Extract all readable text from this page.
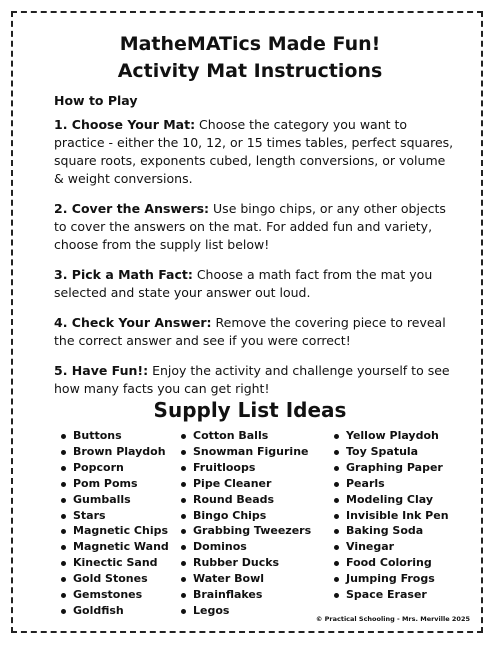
MatheMATics Made Fun!
Activity Mat Instructions

How to Play

1. Choose Your Mat: Choose the category you want to practice - either the 10, 12, or 15 times tables, perfect squares, square roots, exponents cubed, length conversions, or volume & weight conversions.

2. Cover the Answers: Use bingo chips, or any other objects to cover the answers on the mat. For added fun and variety, choose from the supply list below!

3. Pick a Math Fact: Choose a math fact from the mat you selected and state your answer out loud.

4. Check Your Answer: Remove the covering piece to reveal the correct answer and see if you were correct!

5. Have Fun!: Enjoy the activity and challenge yourself to see how many facts you can get right!

Supply List Ideas
Buttons
Brown Playdoh
Popcorn
Pom Poms
Gumballs
Stars
Magnetic Chips
Magnetic Wand
Kinectic Sand
Gold Stones
Gemstones
Goldfish
Cotton Balls
Snowman Figurine
Fruitloops
Pipe Cleaner
Round Beads
Bingo Chips
Grabbing Tweezers
Dominos
Rubber Ducks
Water Bowl
Brainflakes
Legos
Yellow Playdoh
Toy Spatula
Graphing Paper
Pearls
Modeling Clay
Invisible Ink Pen
Baking Soda
Vinegar
Food Coloring
Jumping Frogs
Space Eraser

© Practical Schooling - Mrs. Merville 2025
